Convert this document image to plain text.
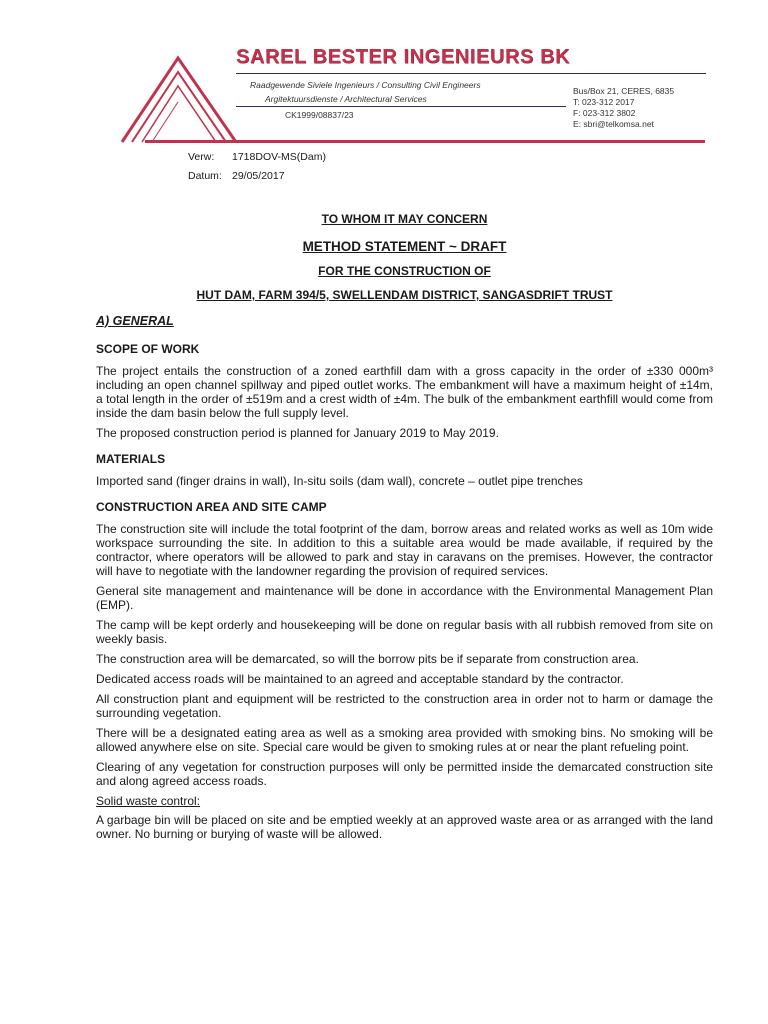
SAREL BESTER INGENIEURS BK
Raadgewende Siviele Ingenieurs / Consulting Civil Engineers
Argitektuursdienste / Architectural Services
CK1999/08837/23
Bus/Box 21, CERES, 6835
T: 023-312 2017
F: 023-312 3802
E: sbri@telkomsa.net
Verw: 1718DOV-MS(Dam)
Datum: 29/05/2017
TO WHOM IT MAY CONCERN
METHOD STATEMENT ~ DRAFT
FOR THE CONSTRUCTION OF
HUT DAM, FARM 394/5, SWELLENDAM DISTRICT, SANGASDRIFT TRUST
A) GENERAL
SCOPE OF WORK

The project entails the construction of a zoned earthfill dam with a gross capacity in the order of ±330 000m³ including an open channel spillway and piped outlet works. The embankment will have a maximum height of ±14m, a total length in the order of ±519m and a crest width of ±4m. The bulk of the embankment earthfill would come from inside the dam basin below the full supply level.

The proposed construction period is planned for January 2019 to May 2019.

MATERIALS

Imported sand (finger drains in wall), In-situ soils (dam wall), concrete – outlet pipe trenches

CONSTRUCTION AREA AND SITE CAMP

The construction site will include the total footprint of the dam, borrow areas and related works as well as 10m wide workspace surrounding the site. In addition to this a suitable area would be made available, if required by the contractor, where operators will be allowed to park and stay in caravans on the premises. However, the contractor will have to negotiate with the landowner regarding the provision of required services.

General site management and maintenance will be done in accordance with the Environmental Management Plan (EMP).

The camp will be kept orderly and housekeeping will be done on regular basis with all rubbish removed from site on weekly basis.

The construction area will be demarcated, so will the borrow pits be if separate from construction area.

Dedicated access roads will be maintained to an agreed and acceptable standard by the contractor.

All construction plant and equipment will be restricted to the construction area in order not to harm or damage the surrounding vegetation.

There will be a designated eating area as well as a smoking area provided with smoking bins. No smoking will be allowed anywhere else on site. Special care would be given to smoking rules at or near the plant refueling point.

Clearing of any vegetation for construction purposes will only be permitted inside the demarcated construction site and along agreed access roads.

Solid waste control:

A garbage bin will be placed on site and be emptied weekly at an approved waste area or as arranged with the land owner. No burning or burying of waste will be allowed.
